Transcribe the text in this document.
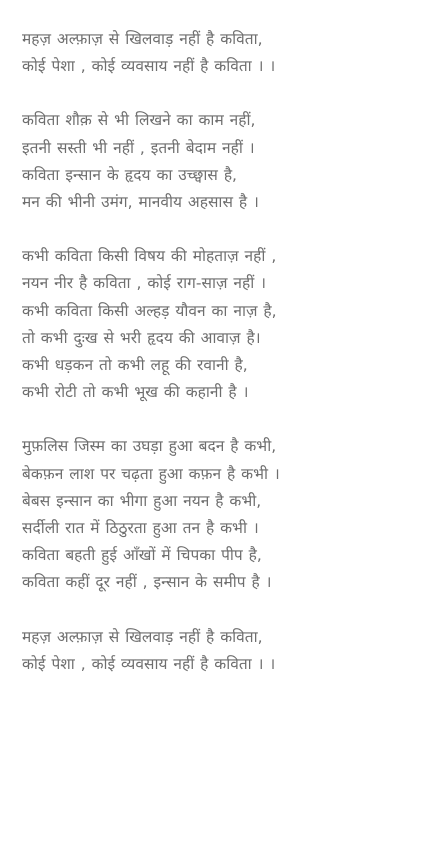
महज़ अल्फ़ाज़ से खिलवाड़ नहीं है कविता,
कोई पेशा , कोई व्यवसाय नहीं है कविता । ।
कविता शौक़ से भी लिखने का काम नहीं,
इतनी सस्ती भी नहीं , इतनी बेदाम नहीं ।
कविता इन्सान के हृदय का उच्छ्वास है,
मन की भीनी उमंग, मानवीय अहसास है ।
कभी कविता किसी विषय की मोहताज़ नहीं ,
नयन नीर है कविता , कोई राग-साज़ नहीं ।
कभी कविता किसी अल्हड़ यौवन का नाज़ है,
तो कभी दुःख से भरी हृदय की आवाज़ है।
कभी धड़कन तो कभी लहू की रवानी है,
कभी रोटी तो कभी भूख की कहानी है ।
मुफ़लिस जिस्म का उघड़ा हुआ बदन है कभी,
बेकफ़न लाश पर चढ़ता हुआ कफ़न है कभी ।
बेबस इन्सान का भीगा हुआ नयन है कभी,
सर्दीली रात में ठिठुरता हुआ तन है कभी ।
कविता बहती हुई आँखों में चिपका पीप है,
कविता कहीं दूर नहीं , इन्सान के समीप है ।
महज़ अल्फ़ाज़ से खिलवाड़ नहीं है कविता,
कोई पेशा , कोई व्यवसाय नहीं है कविता । ।
